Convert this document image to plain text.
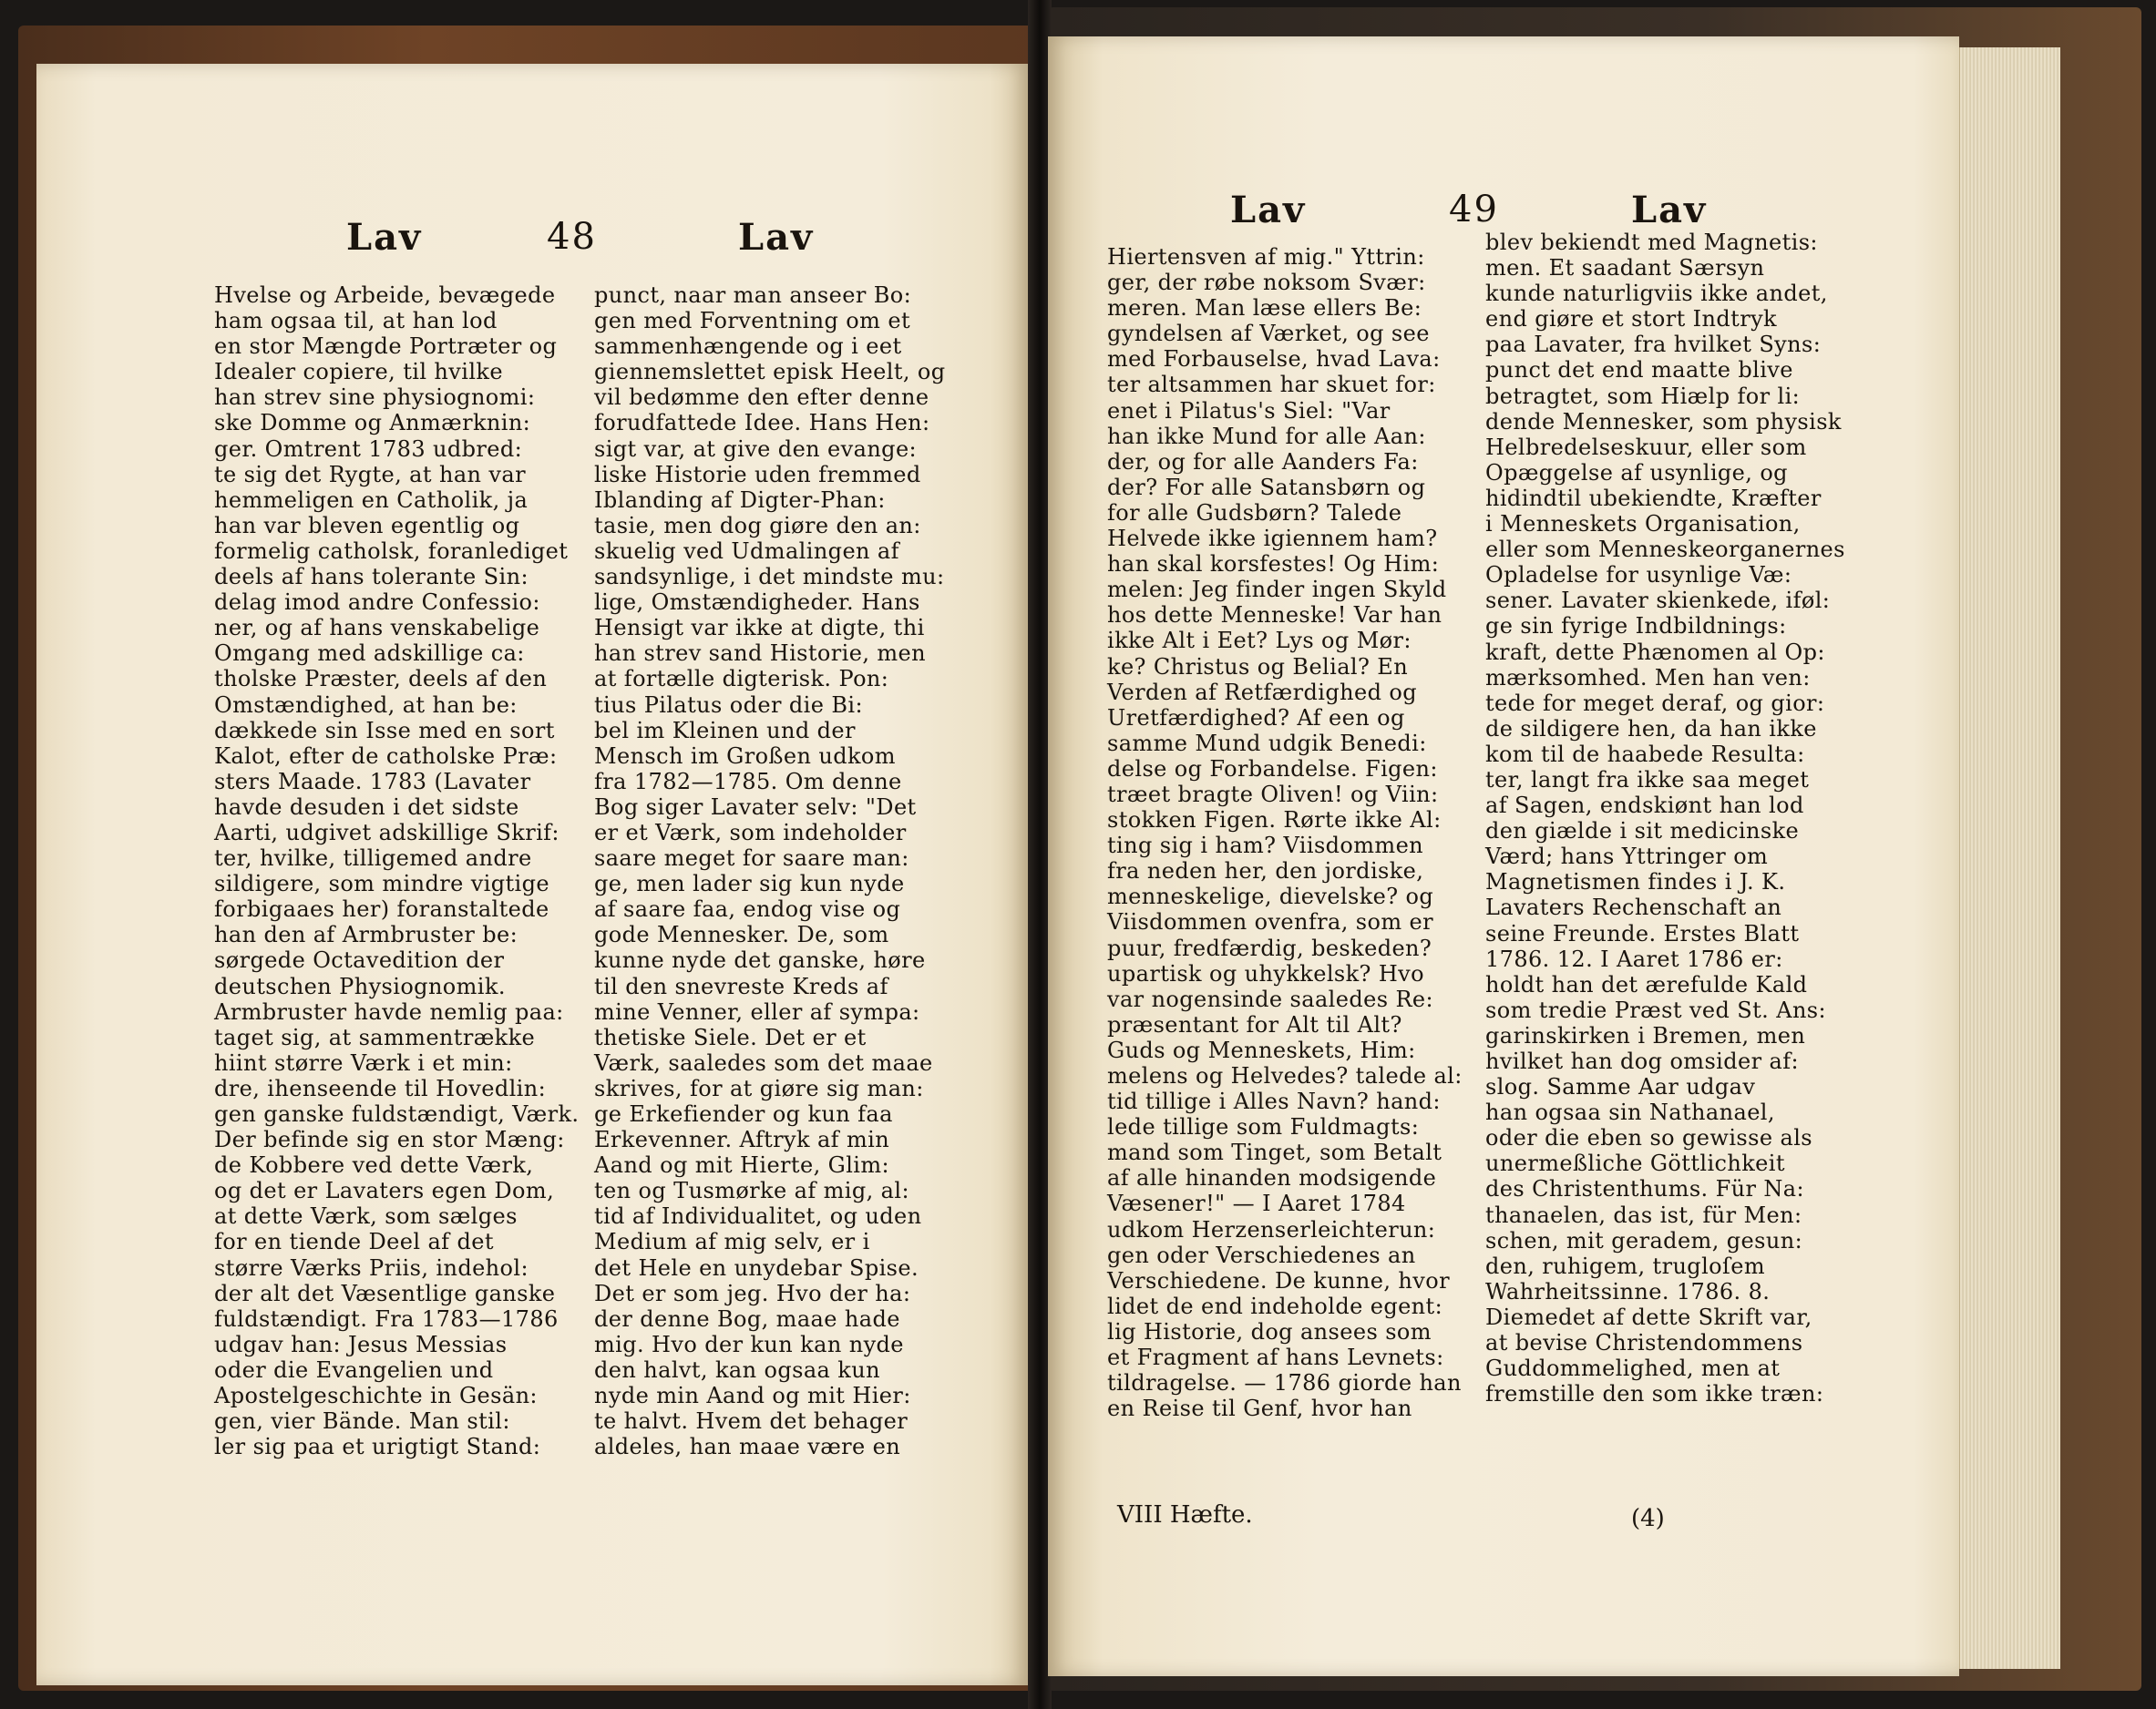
Lav	48	Lav
Hvelse og Arbeide, bevægede
ham ogsaa til, at han lod
en stor Mængde Portræter og
Idealer copiere, til hvilke
han strev sine physiognomi:
ske Domme og Anmærknin:
ger. Omtrent 1783 udbred:
te sig det Rygte, at han var
hemmeligen en Catholik, ja
han var bleven egentlig og
formelig catholsk, foranlediget
deels af hans tolerante Sin:
delag imod andre Confessio:
ner, og af hans venskabelige
Omgang med adskillige ca:
tholske Præster, deels af den
Omstændighed, at han be:
dækkede sin Isse med en sort
Kalot, efter de catholske Præ:
sters Maade. 1783 (Lavater
havde desuden i det sidste
Aarti, udgivet adskillige Skrif:
ter, hvilke, tilligemed andre
sildigere, som mindre vigtige
forbigaaes her) foranstaltede
han den af Armbruster be:
sørgede Octavedition der
deutschen Physiognomik.
Armbruster havde nemlig paa:
taget sig, at sammentrække
hiint større Værk i et min:
dre, ihenseende til Hovedlin:
gen ganske fuldstændigt, Værk.
Der befinde sig en stor Mæng:
de Kobbere ved dette Værk,
og det er Lavaters egen Dom,
at dette Værk, som sælges
for en tiende Deel af det
større Værks Priis, indehol:
der alt det Væsentlige ganske
fuldstændigt. Fra 1783—1786
udgav han: Jesus Messias
oder die Evangelien und
Apostelgeschichte in Gesän:
gen, vier Bände. Man stil:
ler sig paa et urigtigt Stand:
punct, naar man anseer Bo:
gen med Forventning om et
sammenhængende og i eet
giennemslettet episk Heelt, og
vil bedømme den efter denne
forudfattede Idee. Hans Hen:
sigt var, at give den evange:
liske Historie uden fremmed
Iblanding af Digter-Phan:
tasie, men dog giøre den an:
skuelig ved Udmalingen af
sandsynlige, i det mindste mu:
lige, Omstændigheder. Hans
Hensigt var ikke at digte, thi
han strev sand Historie, men
at fortælle digterisk. Pon:
tius Pilatus oder die Bi:
bel im Kleinen und der
Mensch im Großen udkom
fra 1782—1785. Om denne
Bog siger Lavater selv: "Det
er et Værk, som indeholder
saare meget for saare man:
ge, men lader sig kun nyde
af saare faa, endog vise og
gode Mennesker. De, som
kunne nyde det ganske, høre
til den snevreste Kreds af
mine Venner, eller af sympa:
thetiske Siele. Det er et
Værk, saaledes som det maae
skrives, for at giøre sig man:
ge Erkefiender og kun faa
Erkevenner. Aftryk af min
Aand og mit Hierte, Glim:
ten og Tusmørke af mig, al:
tid af Individualitet, og uden
Medium af mig selv, er i
det Hele en unydebar Spise.
Det er som jeg. Hvo der ha:
der denne Bog, maae hade
mig. Hvo der kun kan nyde
den halvt, kan ogsaa kun
nyde min Aand og mit Hier:
te halvt. Hvem det behager
aldeles, han maae være en
Lav	49	Lav
Hiertensven af mig." Yttrin:
ger, der røbe noksom Svær:
meren. Man læse ellers Be:
gyndelsen af Værket, og see
med Forbauselse, hvad Lava:
ter altsammen har skuet for:
enet i Pilatus's Siel: "Var
han ikke Mund for alle Aan:
der, og for alle Aanders Fa:
der? For alle Satansbørn og
for alle Gudsbørn? Talede
Helvede ikke igiennem ham?
han skal korsfestes! Og Him:
melen: Jeg finder ingen Skyld
hos dette Menneske! Var han
ikke Alt i Eet? Lys og Mør:
ke? Christus og Belial? En
Verden af Retfærdighed og
Uretfærdighed? Af een og
samme Mund udgik Benedi:
delse og Forbandelse. Figen:
træet bragte Oliven! og Viin:
stokken Figen. Rørte ikke Al:
ting sig i ham? Viisdommen
fra neden her, den jordiske,
menneskelige, dievelske? og
Viisdommen ovenfra, som er
puur, fredfærdig, beskeden?
upartisk og uhykkelsk? Hvo
var nogensinde saaledes Re:
præsentant for Alt til Alt?
Guds og Menneskets, Him:
melens og Helvedes? talede al:
tid tillige i Alles Navn? hand:
lede tillige som Fuldmagts:
mand som Tinget, som Betalt
af alle hinanden modsigende
Væsener!" — I Aaret 1784
udkom Herzenserleichterun:
gen oder Verschiedenes an
Verschiedene. De kunne, hvor
lidet de end indeholde egent:
lig Historie, dog ansees som
et Fragment af hans Levnets:
tildragelse. — 1786 giorde han
en Reise til Genf, hvor han
blev bekiendt med Magnetis:
men. Et saadant Særsyn
kunde naturligviis ikke andet,
end giøre et stort Indtryk
paa Lavater, fra hvilket Syns:
punct det end maatte blive
betragtet, som Hiælp for li:
dende Mennesker, som physisk
Helbredelseskuur, eller som
Opæggelse af usynlige, og
hidindtil ubekiendte, Kræfter
i Menneskets Organisation,
eller som Menneskeorganernes
Opladelse for usynlige Væ:
sener. Lavater skienkede, iføl:
ge sin fyrige Indbildnings:
kraft, dette Phænomen al Op:
mærksomhed. Men han ven:
tede for meget deraf, og gior:
de sildigere hen, da han ikke
kom til de haabede Resulta:
ter, langt fra ikke saa meget
af Sagen, endskiønt han lod
den giælde i sit medicinske
Værd; hans Yttringer om
Magnetismen findes i J. K.
Lavaters Rechenschaft an
seine Freunde. Erstes Blatt
1786. 12. I Aaret 1786 er:
holdt han det ærefulde Kald
som tredie Præst ved St. Ans:
garinskirken i Bremen, men
hvilket han dog omsider af:
slog. Samme Aar udgav
han ogsaa sin Nathanael,
oder die eben so gewisse als
unermeßliche Göttlichkeit
des Christenthums. Für Na:
thanaelen, das ist, für Men:
schen, mit geradem, gesun:
den, ruhigem, trugloſem
Wahrheitssinne. 1786. 8.
Diemedet af dette Skrift var,
at bevise Christendommens
Guddommelighed, men at
fremstille den som ikke træn:
VIII Hæfte.	(4)
